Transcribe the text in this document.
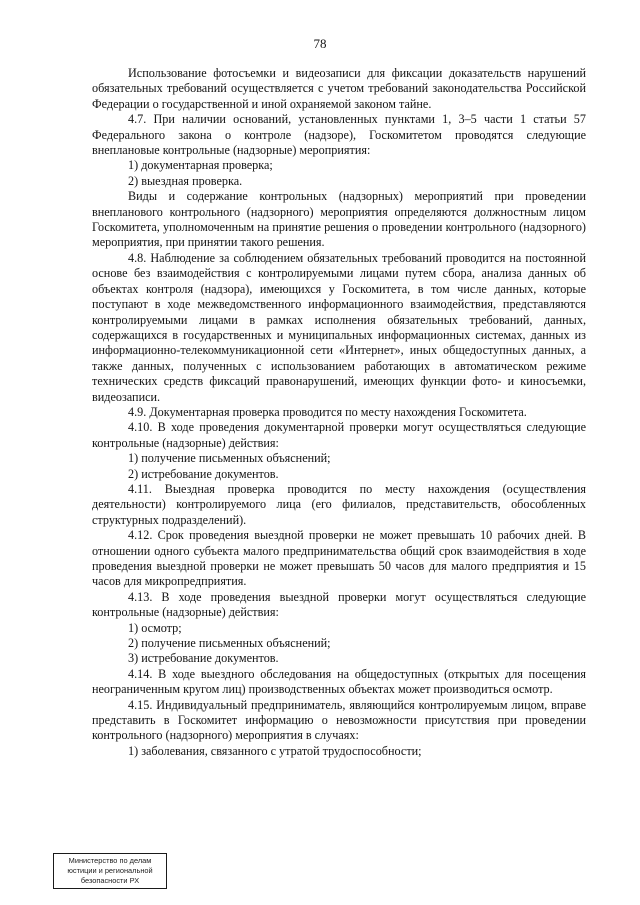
78

Использование фотосъемки и видеозаписи для фиксации доказательств нарушений обязательных требований осуществляется с учетом требований законодательства Российской Федерации о государственной и иной охраняемой законом тайне.

4.7. При наличии оснований, установленных пунктами 1, 3–5 части 1 статьи 57 Федерального закона о контроле (надзоре), Госкомитетом проводятся следующие внеплановые контрольные (надзорные) мероприятия:

1) документарная проверка;

2) выездная проверка.

Виды и содержание контрольных (надзорных) мероприятий при проведении внепланового контрольного (надзорного) мероприятия определяются должностным лицом Госкомитета, уполномоченным на принятие решения о проведении контрольного (надзорного) мероприятия, при принятии такого решения.

4.8. Наблюдение за соблюдением обязательных требований проводится на постоянной основе без взаимодействия с контролируемыми лицами путем сбора, анализа данных об объектах контроля (надзора), имеющихся у Госкомитета, в том числе данных, которые поступают в ходе межведомственного информационного взаимодействия, представляются контролируемыми лицами в рамках исполнения обязательных требований, данных, содержащихся в государственных и муниципальных информационных системах, данных из информационно-телекоммуникационной сети «Интернет», иных общедоступных данных, а также данных, полученных с использованием работающих в автоматическом режиме технических средств фиксаций правонарушений, имеющих функции фото- и киносъемки, видеозаписи.

4.9. Документарная проверка проводится по месту нахождения Госкомитета.

4.10. В ходе проведения документарной проверки могут осуществляться следующие контрольные (надзорные) действия:

1) получение письменных объяснений;

2) истребование документов.

4.11. Выездная проверка проводится по месту нахождения (осуществления деятельности) контролируемого лица (его филиалов, представительств, обособленных структурных подразделений).

4.12. Срок проведения выездной проверки не может превышать 10 рабочих дней. В отношении одного субъекта малого предпринимательства общий срок взаимодействия в ходе проведения выездной проверки не может превышать 50 часов для малого предприятия и 15 часов для микропредприятия.

4.13. В ходе проведения выездной проверки могут осуществляться следующие контрольные (надзорные) действия:

1) осмотр;

2) получение письменных объяснений;

3) истребование документов.

4.14. В ходе выездного обследования на общедоступных (открытых для посещения неограниченным кругом лиц) производственных объектах может производиться осмотр.

4.15. Индивидуальный предприниматель, являющийся контролируемым лицом, вправе представить в Госкомитет информацию о невозможности присутствия при проведении контрольного (надзорного) мероприятия в случаях:

1) заболевания, связанного с утратой трудоспособности;

Министерство по делам
юстиции и региональной
безопасности РХ
